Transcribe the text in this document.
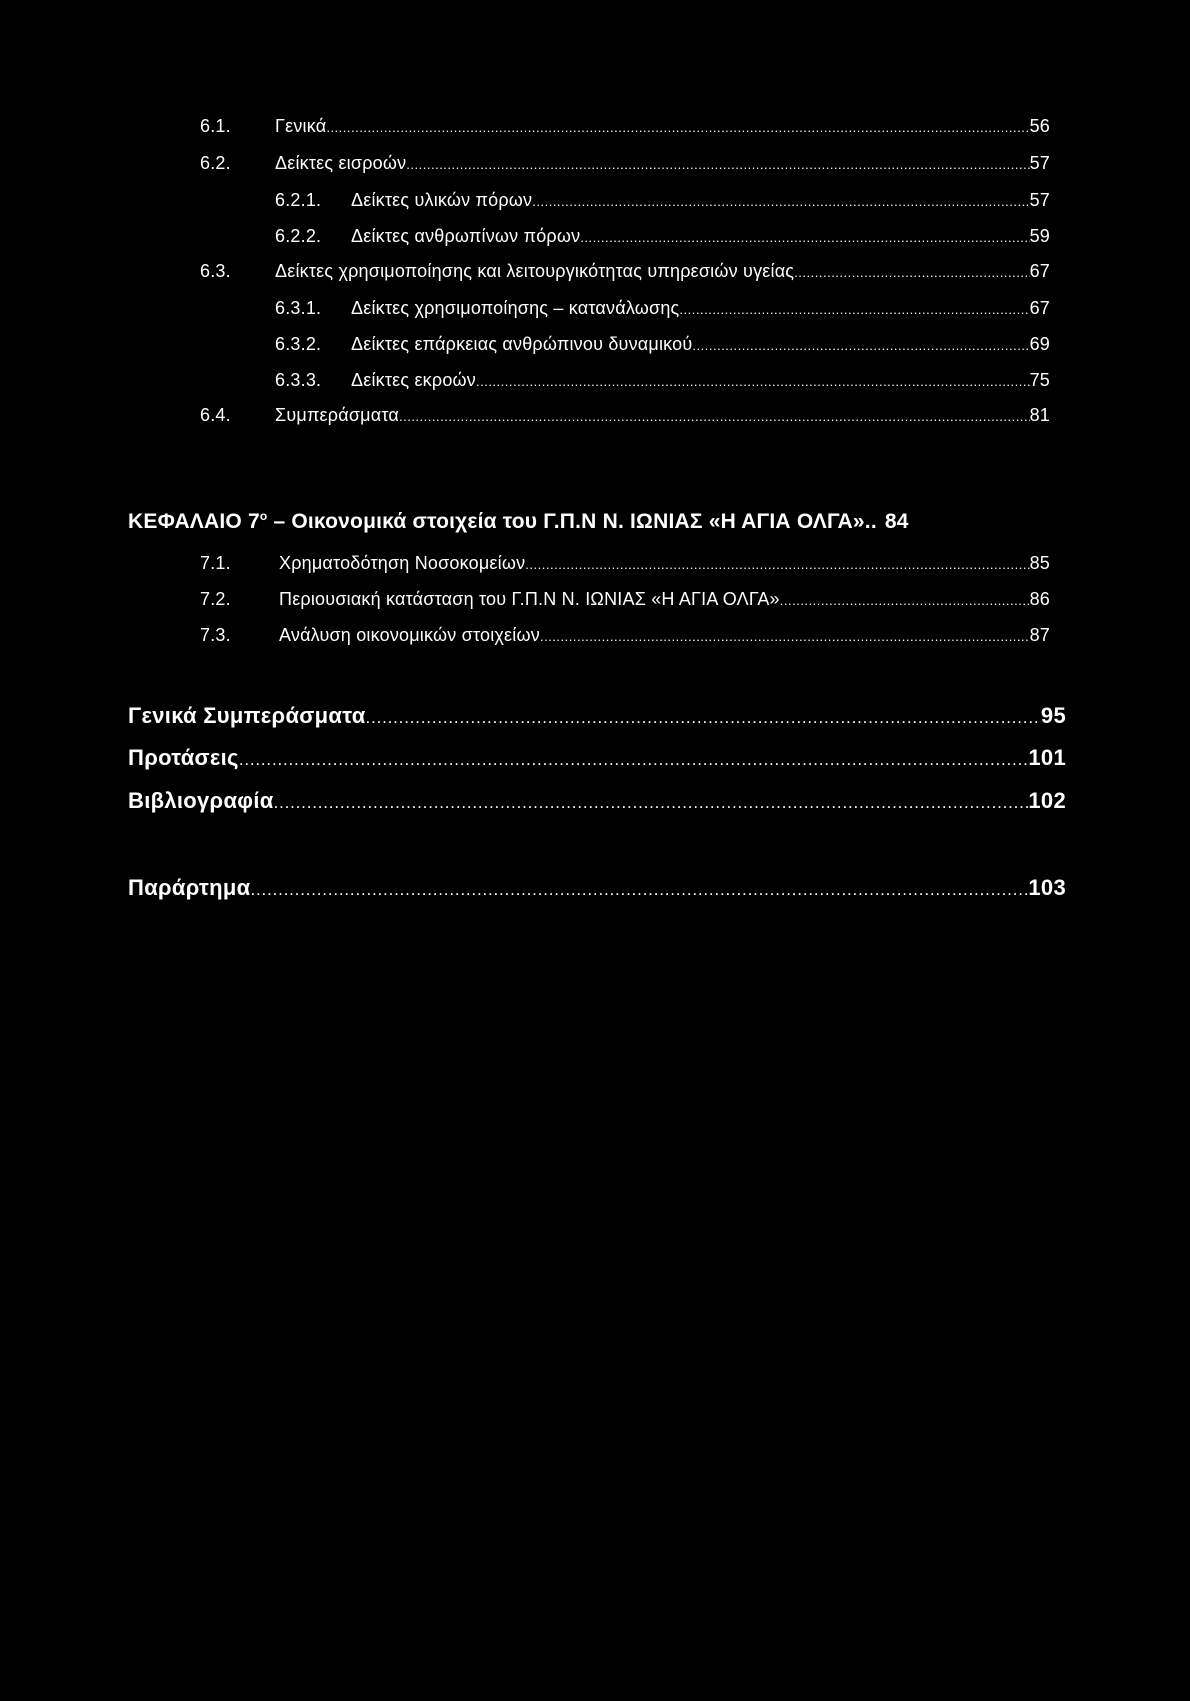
6.1.	Γενικά .....	56
6.2.	Δείκτες εισροών .....	57
6.2.1.	Δείκτες υλικών πόρων .....	57
6.2.2.	Δείκτες ανθρωπίνων πόρων .....	59
6.3.	Δείκτες χρησιμοποίησης και λειτουργικότητας υπηρεσιών υγείας .....	67
6.3.1.	Δείκτες χρησιμοποίησης – κατανάλωσης .....	67
6.3.2.	Δείκτες επάρκειας ανθρώπινου δυναμικού .....	69
6.3.3.	Δείκτες εκροών .....	75
6.4.	Συμπεράσματα .....	81
ΚΕΦΑΛΑΙΟ 7$^o$ – Οικονομικά στοιχεία του Γ.Π.Ν Ν. ΙΩΝΙΑΣ «Η ΑΓΙΑ ΟΛΓΑ».. 84
7.1.	Χρηματοδότηση Νοσοκομείων .....	85
7.2.	Περιουσιακή κατάσταση του Γ.Π.Ν Ν. ΙΩΝΙΑΣ «Η ΑΓΙΑ ΟΛΓΑ» .....	86
7.3.	Ανάλυση οικονομικών στοιχείων .....	87
Γενικά Συμπεράσματα .....	95
Προτάσεις .....	101
Βιβλιογραφία .....	102
Παράρτημα .....	103
